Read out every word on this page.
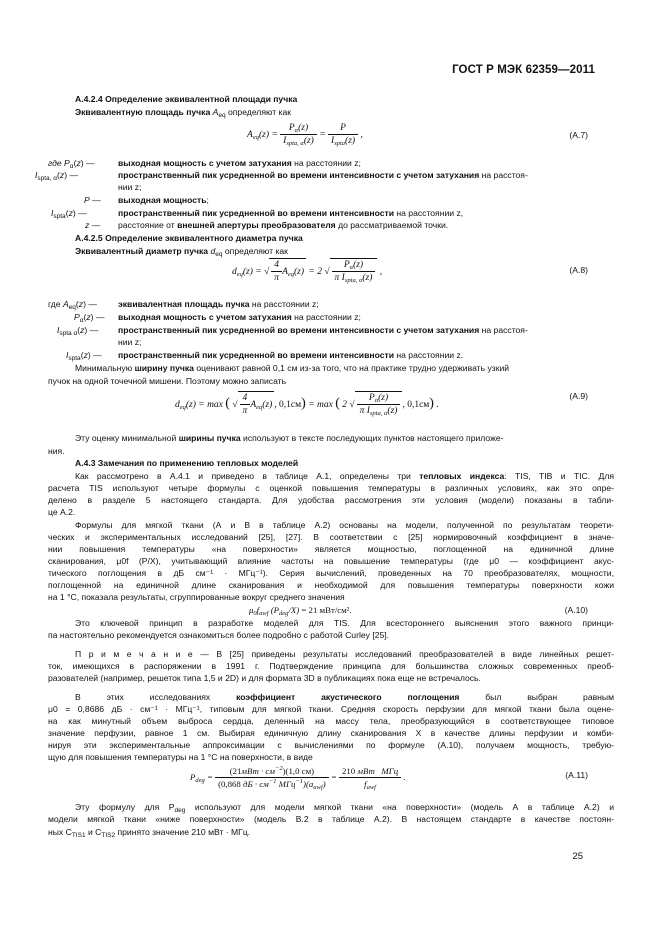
ГОСТ Р МЭК 62359—2011
А.4.2.4 Определение эквивалентной площади пучка
Эквивалентную площадь пучка $A_{eq}$ определяют как
$A_{eq}(z) = \frac{P_\alpha(z)}{I_{spta, \alpha}(z)} = \frac{P}{I_{spta}(z)}$ ,	(A.7)
где $P_\alpha(z)$ —	выходная мощность с учетом затухания на расстоянии z;
$I_{spta, \alpha}(z)$ —	пространственный пик усредненной во времени интенсивности с учетом затухания на расстоя-
нии z;
P — выходная мощность;
$I_{spta}(z)$ —	пространственный пик усредненной во времени интенсивности на расстоянии z,
z — расстояние от внешней апертуры преобразователя до рассматриваемой точки.
А.4.2.5 Определение эквивалентного диаметра пучка
Эквивалентный диаметр пучка $d_{eq}$ определяют как
$d_{eq}(z)$ = √ $\frac{4}{\pi} A_{eq}(z) = 2$ √ $\frac{P_\alpha(z)}{\pi I_{spta, \alpha}(z)}$ ,	(A.8)
где $A_{eq}(z)$ — эквивалентная площадь пучка на расстоянии z;
$P_\alpha(z)$ — выходная мощность с учетом затухания на расстоянии z;
$I_{spta \alpha}(z)$ — пространственный пик усредненной во времени интенсивности с учетом затухания на расстоя-
нии z;
$I_{spta}(z)$ — пространственный пик усредненной во времени интенсивности на расстоянии z.
Минимальную ширину пучка оценивают равной 0,1 см из-за того, что на практике трудно удерживать узкий
пучок на одной точечной мишени. Поэтому можно записать
$d_{eq}(z) = \max$ ( √ $\frac{4}{\pi} A_{eq}(z)$ , 0,1см) = max ( 2 √ $\frac{P_\alpha(z)}{\pi I_{spta, \alpha}(z)}$ , 0,1см) .
(A.9)
Эту оценку минимальной ширины пучка используют в тексте последующих пунктов настоящего приложе-
ния.
А.4.3 Замечания по применению тепловых моделей
Как рассмотрено в А.4.1 и приведено в таблице А.1, определены три тепловых индекса: TIS, TIB и TIC. Для
расчета TIS используют четыре формулы с оценкой повышения температуры в различных условиях, как это опре-
делено в разделе 5 настоящего стандарта. Для удобства рассмотрения эти условия (модели) показаны в табли-
це А.2.
Формулы для мягкой ткани (А и В в таблице А.2) основаны на модели, полученной по результатам теорети-
ческих и экспериментальных исследований [25], [27]. В соответствии с [25] нормировочный коэффициент в значе-
нии повышения температуры «на поверхности» является мощностью, поглощенной на единичной длине
сканирования, μ0f (P/X), учитывающий влияние частоты на повышение температуры (где μ0 — коэффициент акус-
тического поглощения в дБ см⁻¹ · МГц⁻¹). Серия вычислений, проведенных на 70 преобразователях, мощности,
поглощенной на единичной длине сканирования и необходимой для повышения температуры поверхности кожи
на 1 °С, показала результаты, сгруппированные вокруг среднего значения
$\mu_0f_{awf}$ $(P_{deg}/X) = 21$ мВт/см².	(A.10)
Это ключевой принцип в разработке моделей для TIS. Для всестороннего выяснения этого важного принци-
па настоятельно рекомендуется ознакомиться более подробно с работой Curley [25].
П р и м е ч а н и е — В [25] приведены результаты исследований преобразователей в виде линейных решет-
ток, имеющихся в распоряжении в 1991 г. Подтверждение принципа для большинства сложных современных преоб-
разователей (например, решеток типа 1,5 и 2D) и для формата 3D в публикациях пока еще не встречалось.
В этих исследованиях коэффициент акустического поглощения был выбран равным
μ0 = 0,8686 дБ · см⁻¹ · МГц⁻¹, типовым для мягкой ткани. Средняя скорость перфузии для мягкой ткани была оцене-
на как минутный объем выброса сердца, деленный на массу тела, преобразующийся в соответствующее типовое
значение перфузии, равное 1 см. Выбирая единичную длину сканирования X в качестве длины перфузии и комби-
нируя эти экспериментальные аппроксимации с вычислениями по формуле (А.10), получаем мощность, требую-
щую для повышения температуры на 1 °С на поверхности, в виде
$P_{deg} = \frac{(21мВт \cdot см^{-2})(1,0 см)}{(0,868 дБ \cdot см^{-1} МГц^{-1})(a_{awf})} = \frac{\text{210 мВт   МГц}}{f_{awf}}$ .	(A.11)
Эту формулу для $P_{deg}$ используют для модели мягкой ткани «на поверхности» (модель А в таблице А.2) и
модели мягкой ткани «ниже поверхности» (модель В.2 в таблице А.2). В настоящем стандарте в качестве постоян-
ных $C_{TIS1}$ и $C_{TIS2}$ принято значение 210 мВт · МГц.
25
